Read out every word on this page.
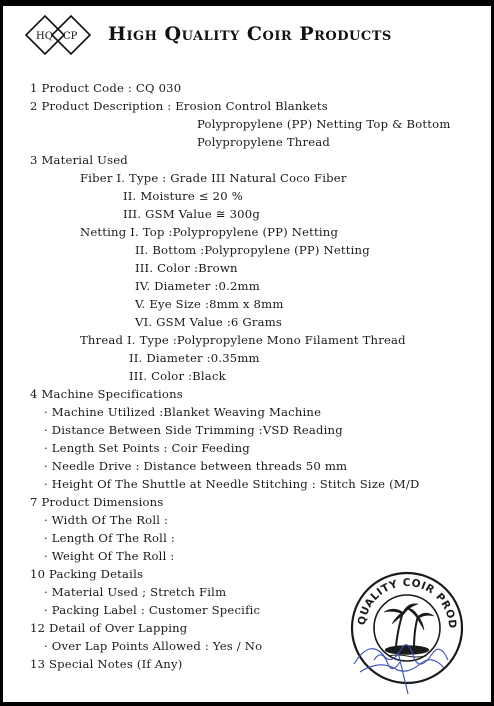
HQ CP High Quality Coir Products
1 Product Code : CQ 030
2 Product Description : Erosion Control Blankets
Polypropylene (PP) Netting Top & Bottom
Polypropylene Thread
3 Material Used
Fiber I. Type : Grade III Natural Coco Fiber
II. Moisture ≤ 20 %
III. GSM Value ≅ 300g
Netting I. Top :Polypropylene (PP) Netting
II. Bottom :Polypropylene (PP) Netting
III. Color :Brown
IV. Diameter :0.2mm
V. Eye Size :8mm x 8mm
VI. GSM Value :6 Grams
Thread I. Type :Polypropylene Mono Filament Thread
II. Diameter :0.35mm
III. Color :Black
4 Machine Specifications
· Machine Utilized :Blanket Weaving Machine
· Distance Between Side Trimming :VSD Reading
· Length Set Points : Coir Feeding
· Needle Drive : Distance between threads 50 mm
· Height Of The Shuttle at Needle Stitching : Stitch Size (M/D
7 Product Dimensions
· Width Of The Roll :
· Length Of The Roll :
· Weight Of The Roll :
10 Packing Details
· Material Used ; Stretch Film
· Packing Label : Customer Specific
12 Detail of Over Lapping
· Over Lap Points Allowed : Yes / No
13 Special Notes (If Any)
QUALITY COIR PROD
